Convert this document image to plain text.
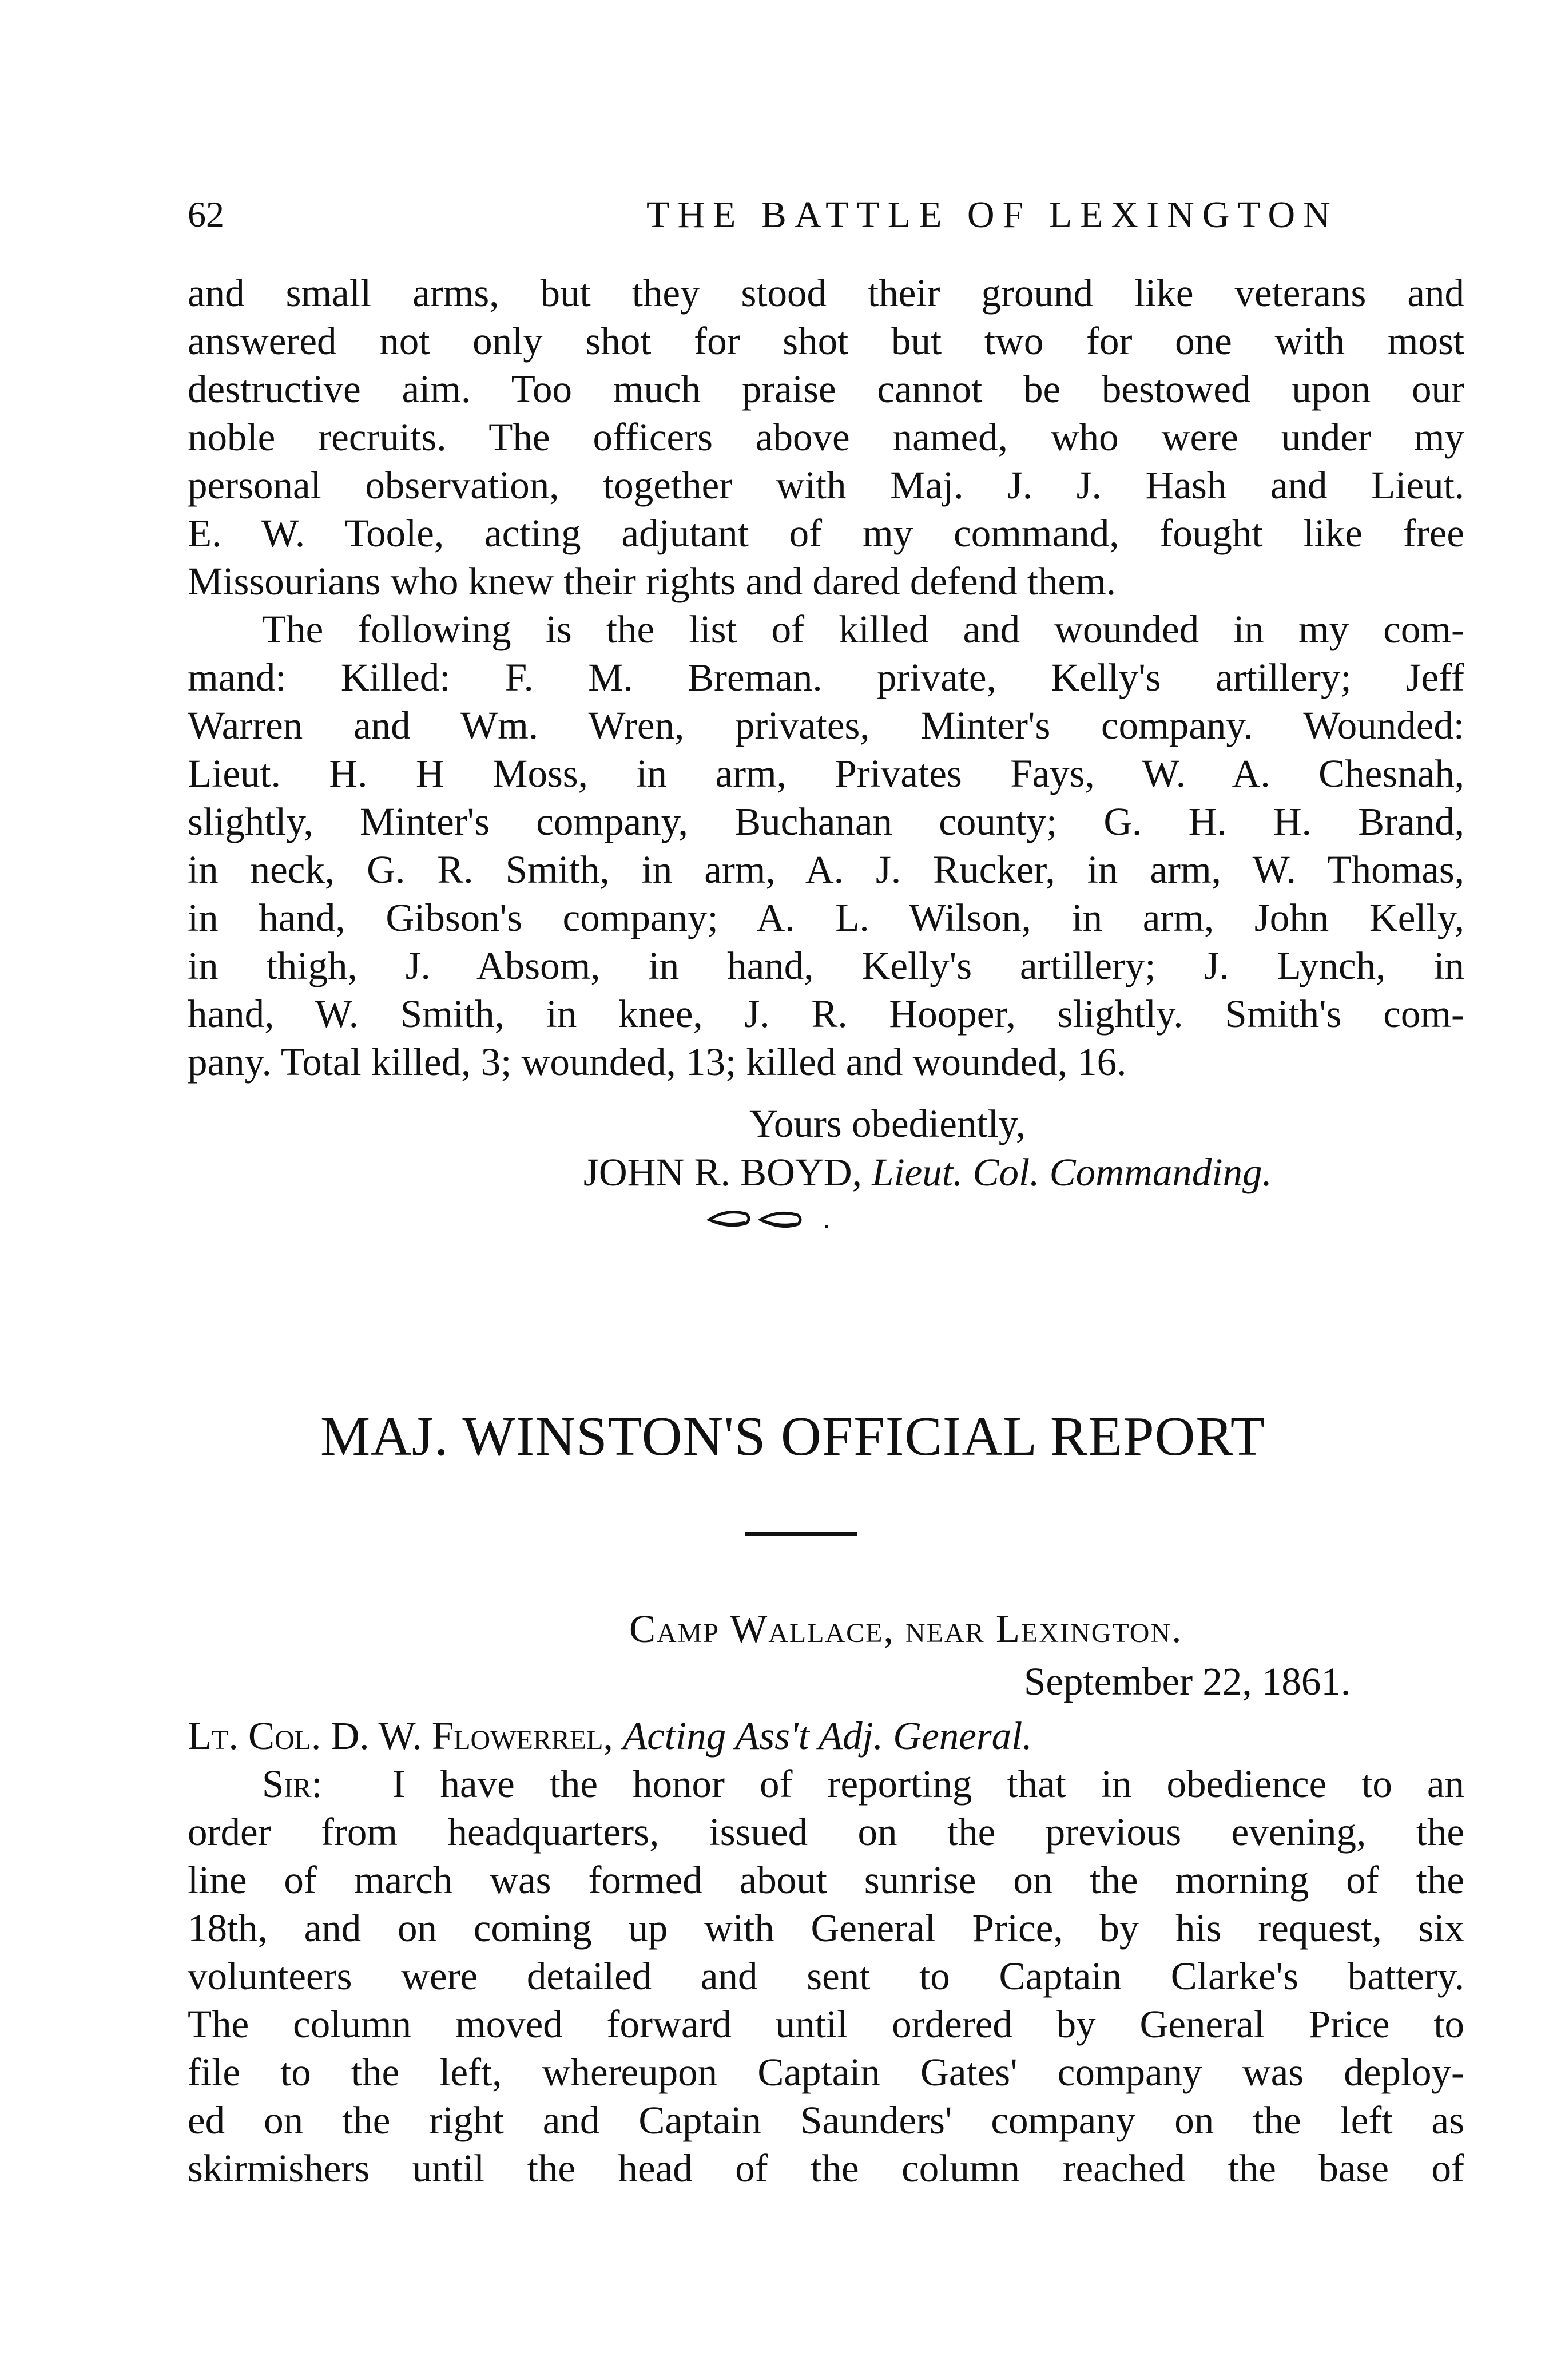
62	THE BATTLE OF LEXINGTON
and small arms, but they stood their ground like veterans and
answered not only shot for shot but two for one with most
destructive aim. Too much praise cannot be bestowed upon our
noble recruits. The officers above named, who were under my
personal observation, together with Maj. J. J. Hash and Lieut.
E. W. Toole, acting adjutant of my command, fought like free
Missourians who knew their rights and dared defend them.
The following is the list of killed and wounded in my com-
mand: Killed: F. M. Breman. private, Kelly's artillery; Jeff
Warren and Wm. Wren, privates, Minter's company. Wounded:
Lieut. H. H Moss, in arm, Privates Fays, W. A. Chesnah,
slightly, Minter's company, Buchanan county; G. H. H. Brand,
in neck, G. R. Smith, in arm, A. J. Rucker, in arm, W. Thomas,
in hand, Gibson's company; A. L. Wilson, in arm, John Kelly,
in thigh, J. Absom, in hand, Kelly's artillery; J. Lynch, in
hand, W. Smith, in knee, J. R. Hooper, slightly. Smith's com-
pany. Total killed, 3; wounded, 13; killed and wounded, 16.
Yours obediently,
JOHN R. BOYD, Lieut. Col. Commanding.
MAJ. WINSTON'S OFFICIAL REPORT
Camp Wallace, near Lexington.
September 22, 1861.
Lt. Col. D. W. Flowerrel, Acting Ass't Adj. General.
Sir: I have the honor of reporting that in obedience to an
order from headquarters, issued on the previous evening, the
line of march was formed about sunrise on the morning of the
18th, and on coming up with General Price, by his request, six
volunteers were detailed and sent to Captain Clarke's battery.
The column moved forward until ordered by General Price to
file to the left, whereupon Captain Gates' company was deploy-
ed on the right and Captain Saunders' company on the left as
skirmishers until the head of the column reached the base of
